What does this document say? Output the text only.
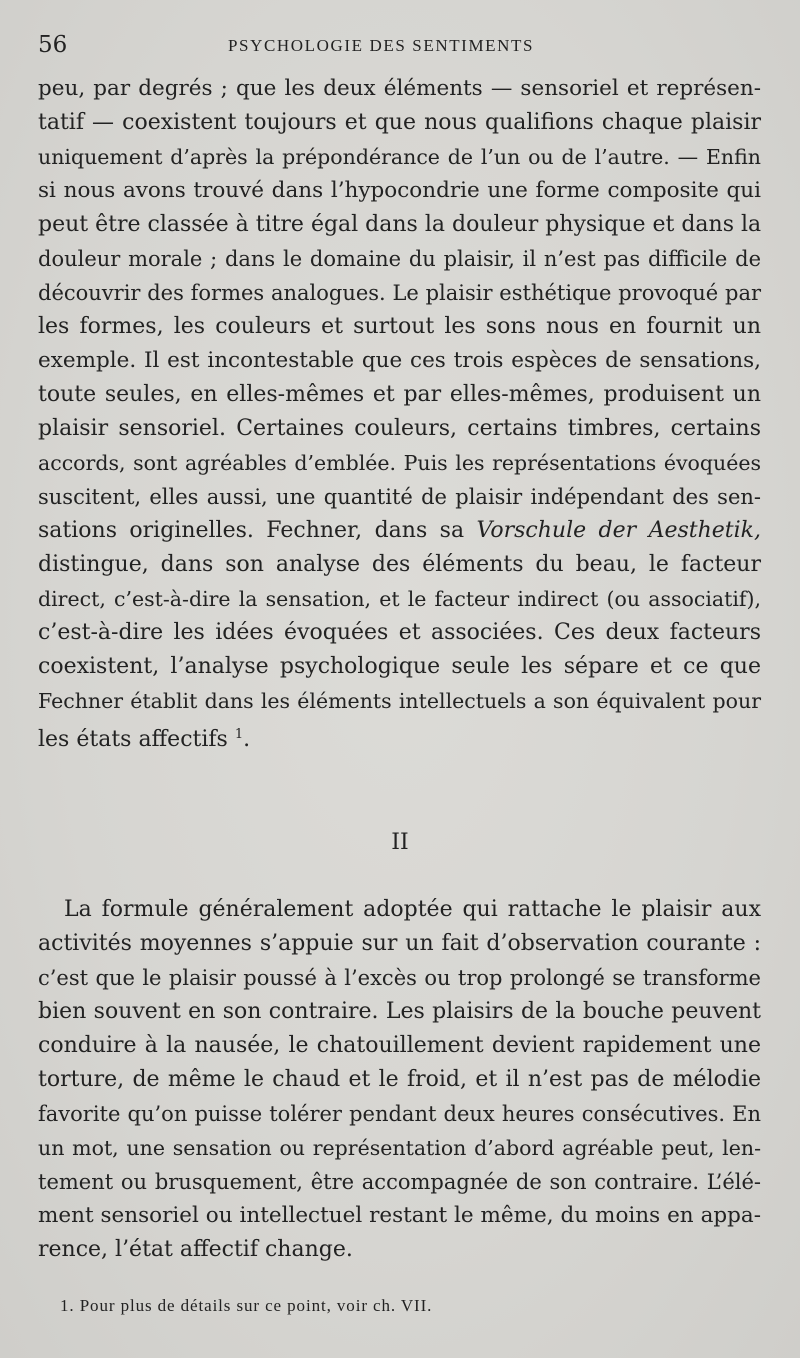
56	PSYCHOLOGIE DES SENTIMENTS
peu, par degrés ; que les deux éléments — sensoriel et représen-
tatif — coexistent toujours et que nous qualifions chaque plaisir
uniquement d’après la prépondérance de l’un ou de l’autre. — Enfin
si nous avons trouvé dans l’hypocondrie une forme composite qui
peut être classée à titre égal dans la douleur physique et dans la
douleur morale ; dans le domaine du plaisir, il n’est pas difficile de
découvrir des formes analogues. Le plaisir esthétique provoqué par
les formes, les couleurs et surtout les sons nous en fournit un
exemple. Il est incontestable que ces trois espèces de sensations,
toute seules, en elles-mêmes et par elles-mêmes, produisent un
plaisir sensoriel. Certaines couleurs, certains timbres, certains
accords, sont agréables d’emblée. Puis les représentations évoquées
suscitent, elles aussi, une quantité de plaisir indépendant des sen-
sations originelles. Fechner, dans sa Vorschule der Aesthetik,
distingue, dans son analyse des éléments du beau, le facteur
direct, c’est-à-dire la sensation, et le facteur indirect (ou associatif),
c’est-à-dire les idées évoquées et associées. Ces deux facteurs
coexistent, l’analyse psychologique seule les sépare et ce que
Fechner établit dans les éléments intellectuels a son équivalent pour
les états affectifs $^1$.
II
La formule généralement adoptée qui rattache le plaisir aux
activités moyennes s’appuie sur un fait d’observation courante :
c’est que le plaisir poussé à l’excès ou trop prolongé se transforme
bien souvent en son contraire. Les plaisirs de la bouche peuvent
conduire à la nausée, le chatouillement devient rapidement une
torture, de même le chaud et le froid, et il n’est pas de mélodie
favorite qu’on puisse tolérer pendant deux heures consécutives. En
un mot, une sensation ou représentation d’abord agréable peut, len-
tement ou brusquement, être accompagnée de son contraire. L’élé-
ment sensoriel ou intellectuel restant le même, du moins en appa-
rence, l’état affectif change.
1. Pour plus de détails sur ce point, voir ch. VII.
